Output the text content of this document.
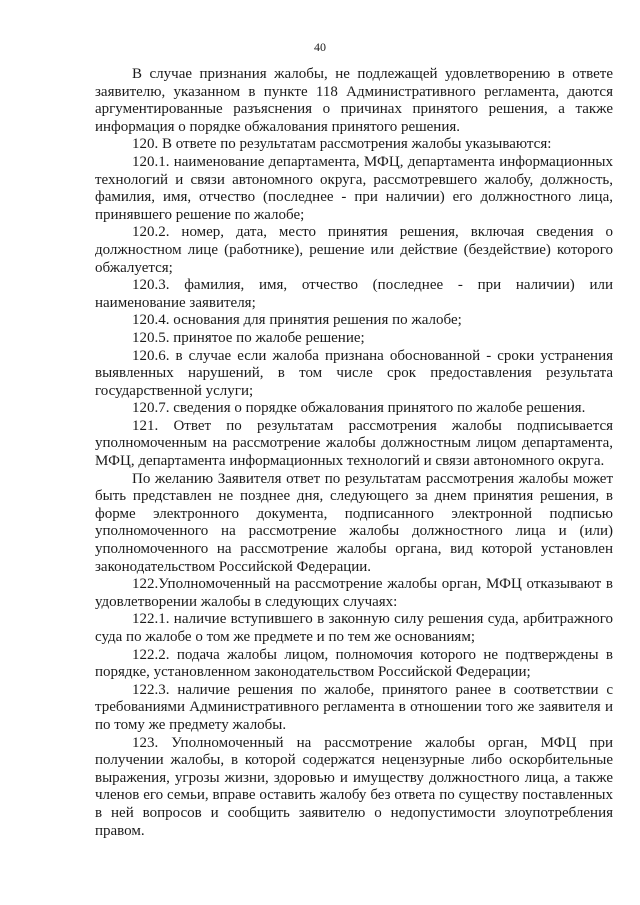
40

В случае признания жалобы, не подлежащей удовлетворению в ответе заявителю, указанном в пункте 118 Административного регламента, даются аргументированные разъяснения о причинах принятого решения, а также информация о порядке обжалования принятого решения.

120. В ответе по результатам рассмотрения жалобы указываются:

120.1. наименование департамента, МФЦ, департамента информационных технологий и связи автономного округа, рассмотревшего жалобу, должность, фамилия, имя, отчество (последнее - при наличии) его должностного лица, принявшего решение по жалобе;

120.2. номер, дата, место принятия решения, включая сведения о должностном лице (работнике), решение или действие (бездействие) которого обжалуется;

120.3. фамилия, имя, отчество (последнее - при наличии) или наименование заявителя;

120.4. основания для принятия решения по жалобе;

120.5. принятое по жалобе решение;

120.6. в случае если жалоба признана обоснованной - сроки устранения выявленных нарушений, в том числе срок предоставления результата государственной услуги;

120.7. сведения о порядке обжалования принятого по жалобе решения.

121. Ответ по результатам рассмотрения жалобы подписывается уполномоченным на рассмотрение жалобы должностным лицом департамента, МФЦ, департамента информационных технологий и связи автономного округа.

По желанию Заявителя ответ по результатам рассмотрения жалобы может быть представлен не позднее дня, следующего за днем принятия решения, в форме электронного документа, подписанного электронной подписью уполномоченного на рассмотрение жалобы должностного лица и (или) уполномоченного на рассмотрение жалобы органа, вид которой установлен законодательством Российской Федерации.

122.Уполномоченный на рассмотрение жалобы орган, МФЦ отказывают в удовлетворении жалобы в следующих случаях:

122.1. наличие вступившего в законную силу решения суда, арбитражного суда по жалобе о том же предмете и по тем же основаниям;

122.2. подача жалобы лицом, полномочия которого не подтверждены в порядке, установленном законодательством Российской Федерации;

122.3. наличие решения по жалобе, принятого ранее в соответствии с требованиями Административного регламента в отношении того же заявителя и по тому же предмету жалобы.

123. Уполномоченный на рассмотрение жалобы орган, МФЦ при получении жалобы, в которой содержатся нецензурные либо оскорбительные выражения, угрозы жизни, здоровью и имуществу должностного лица, а также членов его семьи, вправе оставить жалобу без ответа по существу поставленных в ней вопросов и сообщить заявителю о недопустимости злоупотребления правом.
